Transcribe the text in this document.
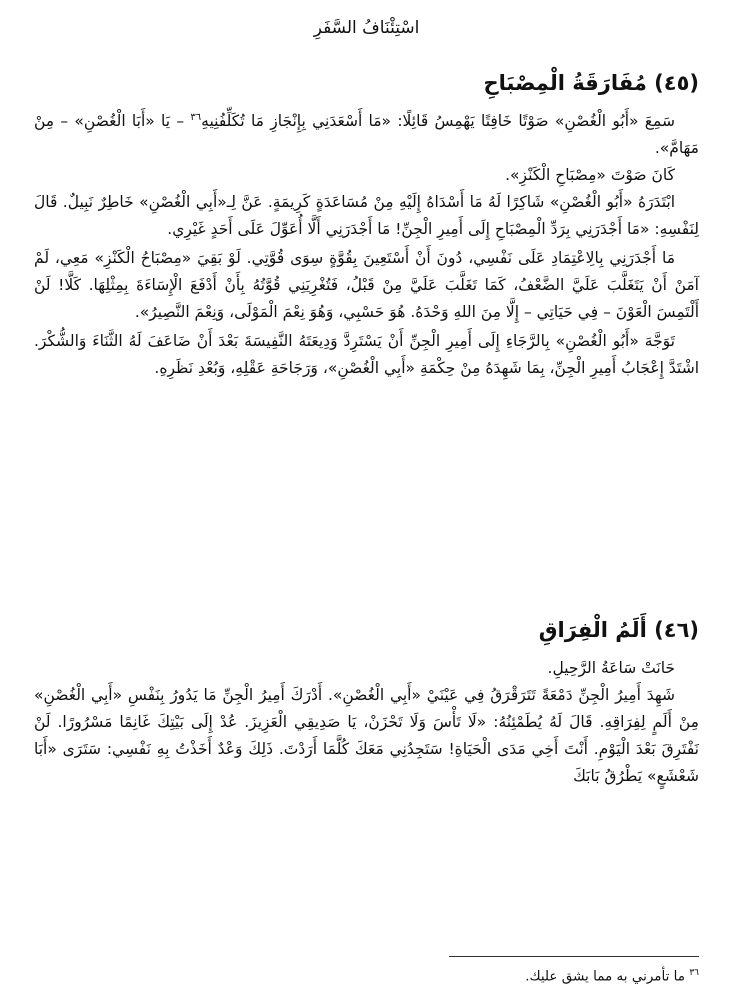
اسْتِئْنَافُ السَّفَرِ
(٤٥) مُفَارَقَةُ الْمِصْبَاحِ

سَمِعَ «أَبُو الْغُصْنِ» صَوْتًا خَافِتًا يَهْمِسُ قَائِلًا: «مَا أَسْعَدَنِي بِإِنْجَازِ مَا تُكَلِّفُنِيهِ$^{٣٦}$ – يَا «أَبَا الْغُصْنِ» – مِنْ مَهَامَّ».

كَانَ صَوْتَ «مِصْبَاحِ الْكَنْزِ».

ابْتَدَرَهُ «أَبُو الْغُصْنِ» شَاكِرًا لَهُ مَا أَسْدَاهُ إِلَيْهِ مِنْ مُسَاعَدَةٍ كَرِيمَةٍ. عَنَّ لِـ«أَبِي الْغُصْنِ» خَاطِرٌ نَبِيلٌ. قَالَ لِنَفْسِهِ: «مَا أَجْدَرَنِي بِرَدِّ الْمِصْبَاحِ إِلَى أَمِيرِ الْجِنِّ! مَا أَجْدَرَنِي أَلَّا أُعَوِّلَ عَلَى أَحَدٍ غَيْرِي.

مَا أَجْدَرَنِي بِالِاعْتِمَادِ عَلَى نَفْسِي، دُونَ أَنْ أَسْتَعِينَ بِقُوَّةٍ سِوَى قُوَّتِي. لَوْ بَقِيَ «مِصْبَاحُ الْكَنْزِ» مَعِي، لَمْ آمَنْ أَنْ يَتَغَلَّبَ عَلَيَّ الضَّعْفُ، كَمَا تَغَلَّبَ عَلَيَّ مِنْ قَبْلُ، فَتُغْرِيَنِي قُوَّتُهُ بِأَنْ أَدْفَعَ الْإِسَاءَةَ بِمِثْلِهَا. كَلَّا! لَنْ أَلْتَمِسَ الْعَوْنَ – فِي حَيَاتِي – إِلَّا مِنَ اللهِ وَحْدَهُ. هُوَ حَسْبِي، وَهُوَ نِعْمَ الْمَوْلَى، وَنِعْمَ النَّصِيرُ».

تَوَجَّهَ «أَبُو الْغُصْنِ» بِالرَّجَاءِ إِلَى أَمِيرِ الْجِنِّ أَنْ يَسْتَرِدَّ وَدِيعَتَهُ النَّفِيسَةَ بَعْدَ أَنْ ضَاعَفَ لَهُ الثَّنَاءَ وَالشُّكْرَ. اشْتَدَّ إِعْجَابُ أَمِيرِ الْجِنِّ، بِمَا شَهِدَهُ مِنْ حِكْمَةِ «أَبِي الْغُصْنِ»، وَرَجَاحَةِ عَقْلِهِ، وَبُعْدِ نَظَرِهِ.

(٤٦) أَلَمُ الْفِرَاقِ

حَانَتْ سَاعَةُ الرَّحِيلِ.

شَهِدَ أَمِيرُ الْجِنِّ دَمْعَةً تَتَرَقْرَقُ فِي عَيْنَيْ «أَبِي الْغُصْنِ». أَدْرَكَ أَمِيرُ الْجِنِّ مَا يَدُورُ بِنَفْسِ «أَبِي الْغُصْنِ» مِنْ أَلَمٍ لِفِرَاقِهِ. قَالَ لَهُ يُطَمْئِنُهُ: «لَا تَأْسَ وَلَا تَحْزَنْ، يَا صَدِيقِي الْعَزِيزَ. عُدْ إِلَى بَيْتِكَ غَانِمًا مَسْرُورًا. لَنْ نَفْتَرِقَ بَعْدَ الْيَوْمِ. أَنْتَ أَخِي مَدَى الْحَيَاةِ! سَتَجِدُنِي مَعَكَ كُلَّمَا أَرَدْتَ. ذَلِكَ وَعْدٌ أَخَذْتُ بِهِ نَفْسِي: سَتَرَى «أَبَا شَعْشَعٍ» يَطْرُقُ بَابَكَ

$^{٣٦}$ ما تأمرني به مما يشق عليك.
